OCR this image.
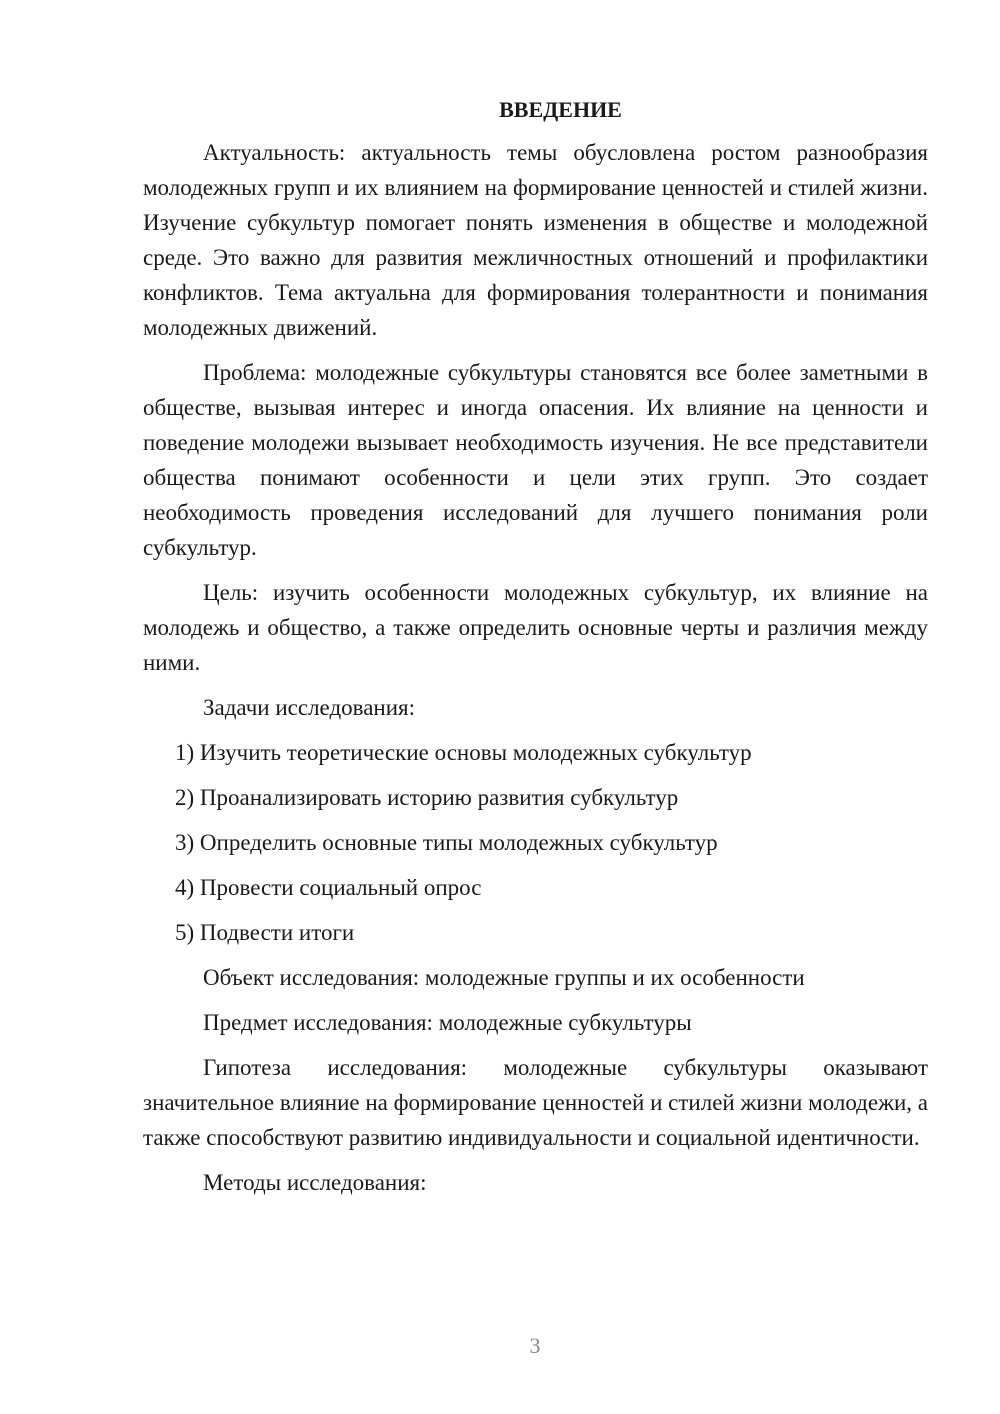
ВВЕДЕНИЕ

Актуальность: актуальность темы обусловлена ростом разнообразия молодежных групп и их влиянием на формирование ценностей и стилей жизни. Изучение субкультур помогает понять изменения в обществе и молодежной среде. Это важно для развития межличностных отношений и профилактики конфликтов. Тема актуальна для формирования толерантности и понимания молодежных движений.

Проблема: молодежные субкультуры становятся все более заметными в обществе, вызывая интерес и иногда опасения. Их влияние на ценности и поведение молодежи вызывает необходимость изучения. Не все представители общества понимают особенности и цели этих групп. Это создает необходимость проведения исследований для лучшего понимания роли субкультур.

Цель: изучить особенности молодежных субкультур, их влияние на молодежь и общество, а также определить основные черты и различия между ними.

Задачи исследования:

1) Изучить теоретические основы молодежных субкультур
2) Проанализировать историю развития субкультур
3) Определить основные типы молодежных субкультур
4) Провести социальный опрос
5) Подвести итоги

Объект исследования: молодежные группы и их особенности

Предмет исследования: молодежные субкультуры

Гипотеза исследования: молодежные субкультуры оказывают значительное влияние на формирование ценностей и стилей жизни молодежи, а также способствуют развитию индивидуальности и социальной идентичности.

Методы исследования:

3
